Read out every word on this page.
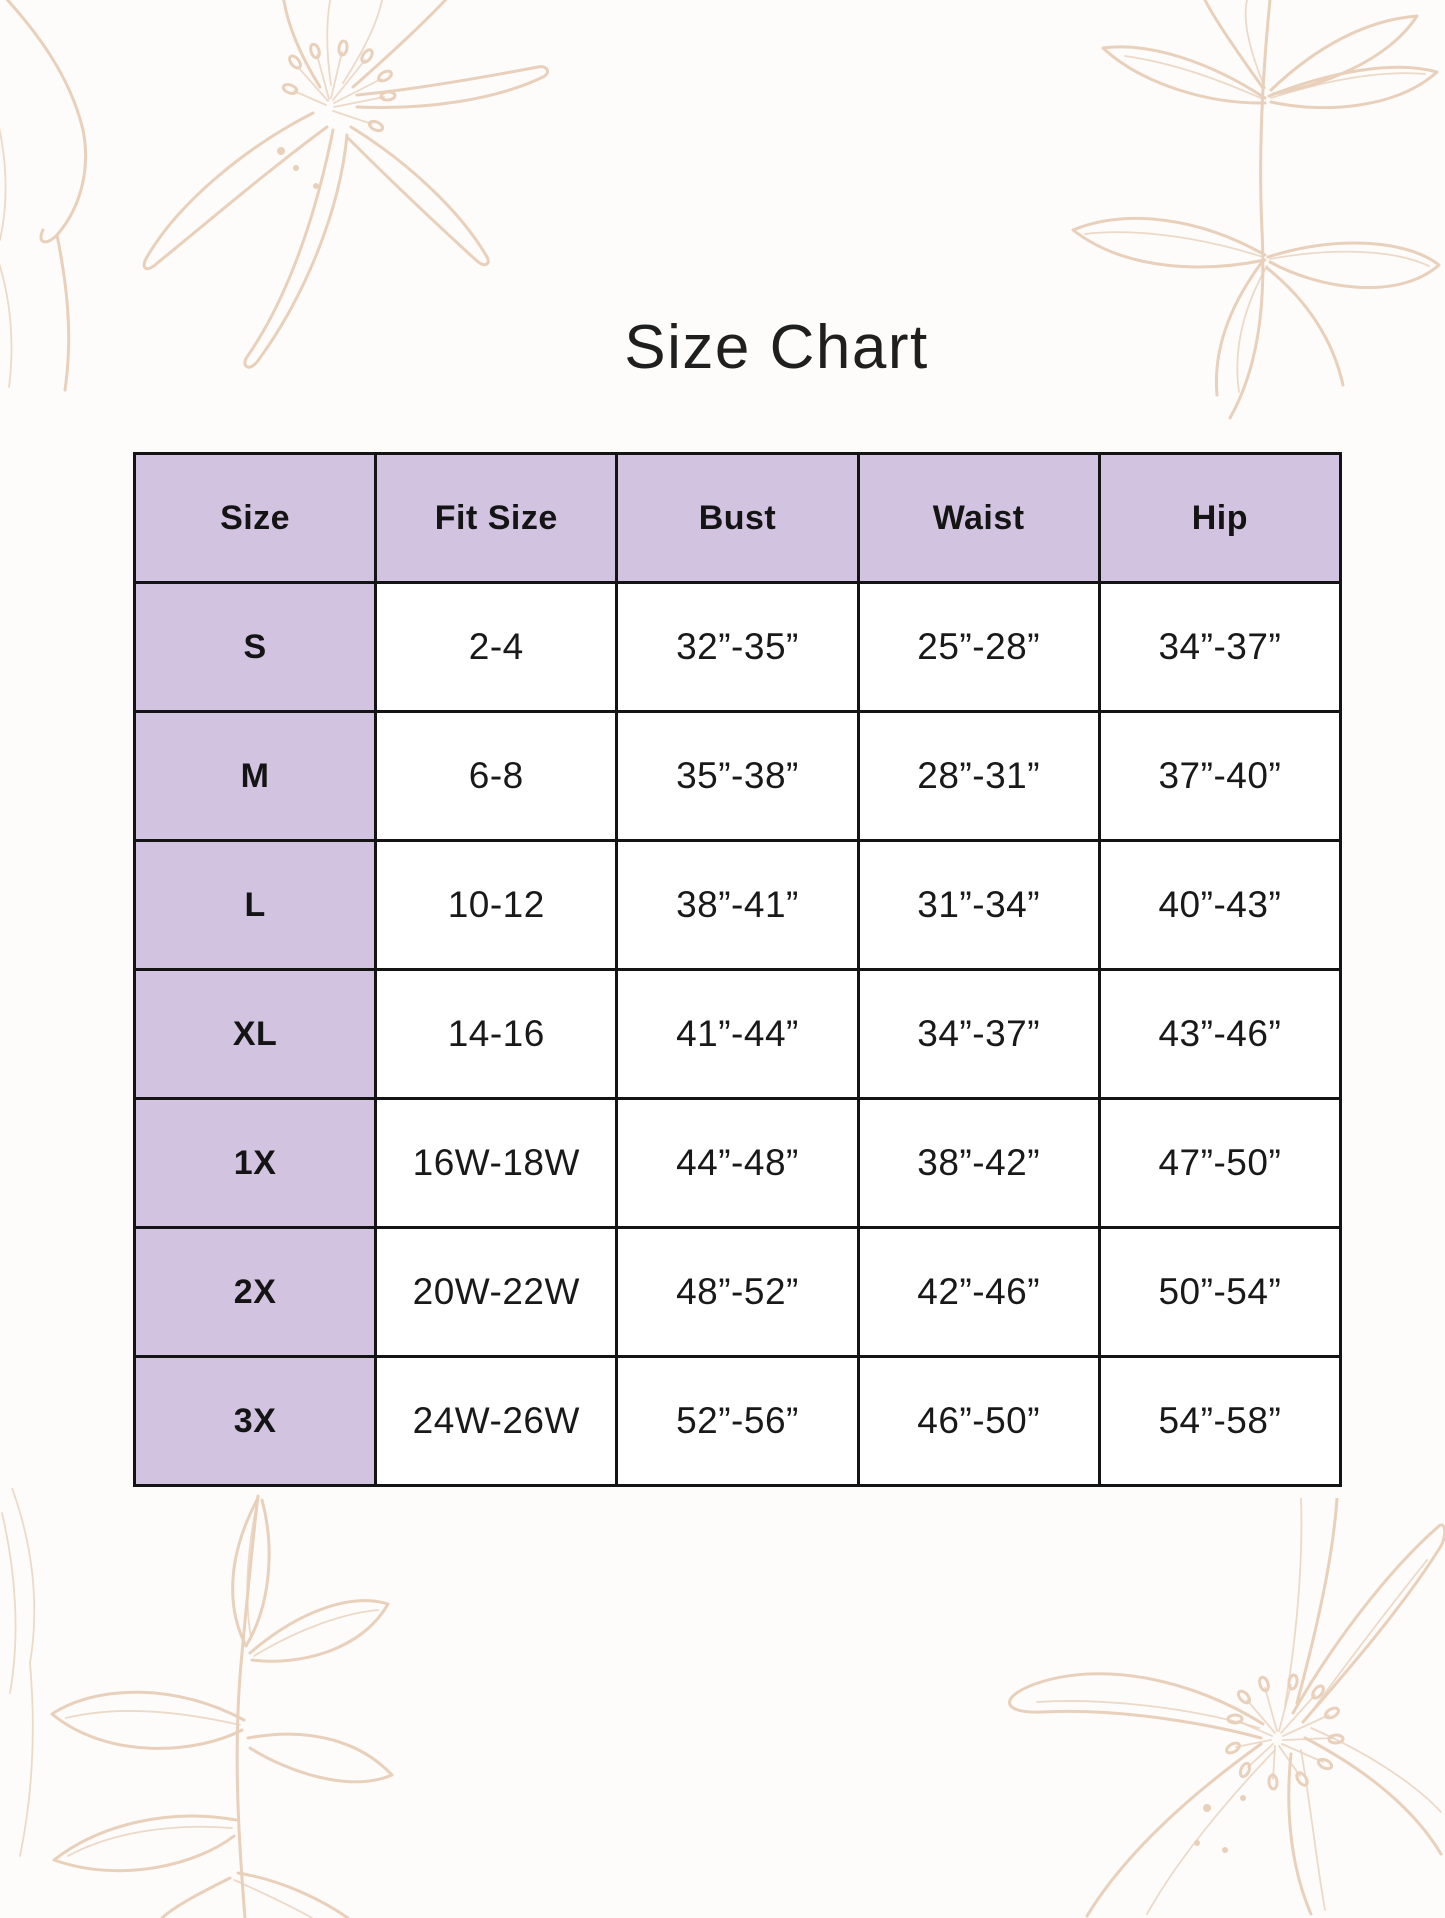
Size Chart
Size	Fit Size	Bust	Waist	Hip
S	2-4	32”-35”	25”-28”	34”-37”
M	6-8	35”-38”	28”-31”	37”-40”
L	10-12	38”-41”	31”-34”	40”-43”
XL	14-16	41”-44”	34”-37”	43”-46”
1X	16W-18W	44”-48”	38”-42”	47”-50”
2X	20W-22W	48”-52”	42”-46”	50”-54”
3X	24W-26W	52”-56”	46”-50”	54”-58”
